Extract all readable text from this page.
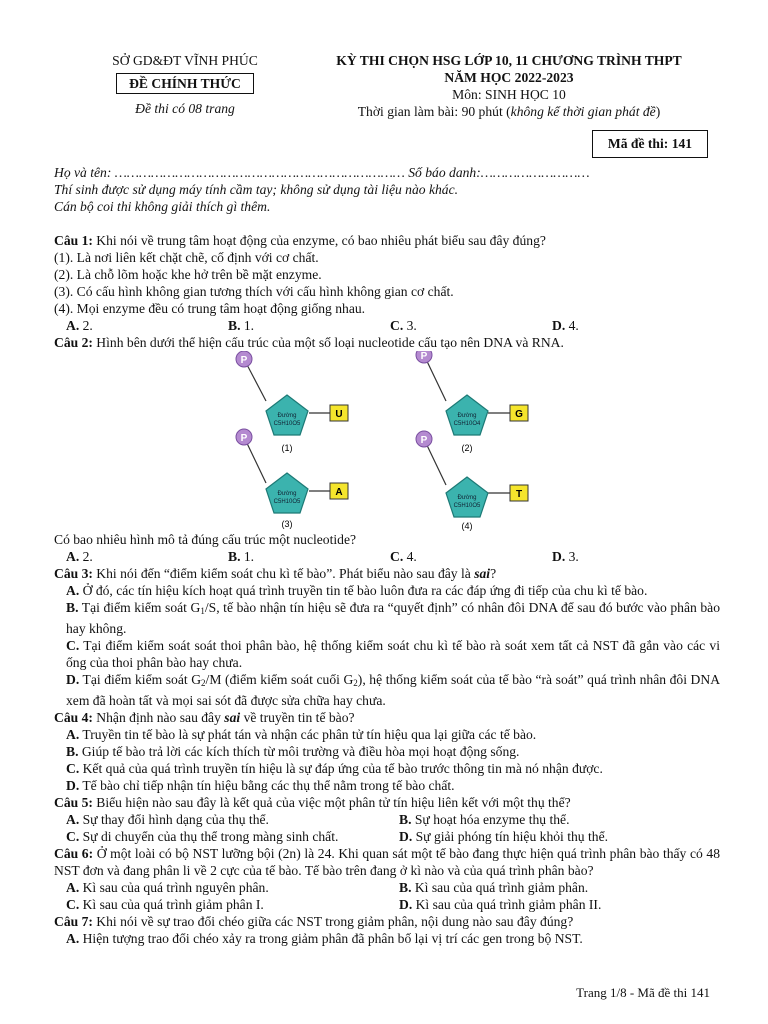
SỞ GD&ĐT VĨNH PHÚC
ĐỀ CHÍNH THỨC
Đề thi có 08 trang
KỲ THI CHỌN HSG LỚP 10, 11 CHƯƠNG TRÌNH THPT
NĂM HỌC 2022-2023
Môn: SINH HỌC 10
Thời gian làm bài: 90 phút (không kể thời gian phát đề)
Mã đề thi: 141
Họ và tên: ……………………………………………………………… Số báo danh:………………………
Thí sinh được sử dụng máy tính cầm tay; không sử dụng tài liệu nào khác.
Cán bộ coi thi không giải thích gì thêm.

Câu 1: Khi nói về trung tâm hoạt động của enzyme, có bao nhiêu phát biểu sau đây đúng?

(1). Là nơi liên kết chặt chẽ, cố định với cơ chất.

(2). Là chỗ lõm hoặc khe hở trên bề mặt enzyme.

(3). Có cấu hình không gian tương thích với cấu hình không gian cơ chất.

(4). Mọi enzyme đều có trung tâm hoạt động giống nhau.

A. 2.	B. 1.	C. 3.	D. 4.

Câu 2: Hình bên dưới thể hiện cấu trúc của một số loại nucleotide cấu tạo nên DNA và RNA.

P
Đường
C5H10O5
U
(1)
P
Đường
C5H10O4
G
(2)
P
Đường
C5H10O5
A
(3)
P
Đường
C5H10O5
T
(4)

Có bao nhiêu hình mô tả đúng cấu trúc một nucleotide?

A. 2.	B. 1.	C. 4.	D. 3.

Câu 3: Khi nói đến “điểm kiểm soát chu kì tế bào”. Phát biểu nào sau đây là sai?

A. Ở đó, các tín hiệu kích hoạt quá trình truyền tin tế bào luôn đưa ra các đáp ứng đi tiếp của chu kì tế bào.

B. Tại điểm kiểm soát $G_1/S$, tế bào nhận tín hiệu sẽ đưa ra “quyết định” có nhân đôi DNA để sau đó bước vào phân bào hay không.

C. Tại điểm kiểm soát soát thoi phân bào, hệ thống kiểm soát chu kì tế bào rà soát xem tất cả NST đã gắn vào các vi ống của thoi phân bào hay chưa.

D. Tại điểm kiểm soát $G_2/M$ (điểm kiểm soát cuối $G_2$), hệ thống kiểm soát của tế bào “rà soát” quá trình nhân đôi DNA xem đã hoàn tất và mọi sai sót đã được sửa chữa hay chưa.

Câu 4: Nhận định nào sau đây sai về truyền tin tế bào?

A. Truyền tin tế bào là sự phát tán và nhận các phân tử tín hiệu qua lại giữa các tế bào.

B. Giúp tế bào trả lời các kích thích từ môi trường và điều hòa mọi hoạt động sống.

C. Kết quả của quá trình truyền tín hiệu là sự đáp ứng của tế bào trước thông tin mà nó nhận được.

D. Tế bào chỉ tiếp nhận tín hiệu bằng các thụ thể nằm trong tế bào chất.

Câu 5: Biểu hiện nào sau đây là kết quả của việc một phân tử tín hiệu liên kết với một thụ thể?

A. Sự thay đổi hình dạng của thụ thể.	B. Sự hoạt hóa enzyme thụ thể.

C. Sự di chuyển của thụ thể trong màng sinh chất.	D. Sự giải phóng tín hiệu khỏi thụ thể.

Câu 6: Ở một loài có bộ NST lưỡng bội (2n) là 24. Khi quan sát một tế bào đang thực hiện quá trình phân bào thấy có 48 NST đơn và đang phân li về 2 cực của tế bào. Tế bào trên đang ở kì nào và của quá trình phân bào?

A. Kì sau của quá trình nguyên phân.	B. Kì sau của quá trình giảm phân.

C. Kì sau của quá trình giảm phân I.	D. Kì sau của quá trình giảm phân II.

Câu 7: Khi nói về sự trao đổi chéo giữa các NST trong giảm phân, nội dung nào sau đây đúng?

A. Hiện tượng trao đổi chéo xảy ra trong giảm phân đã phân bố lại vị trí các gen trong bộ NST.

Trang 1/8 - Mã đề thi 141
